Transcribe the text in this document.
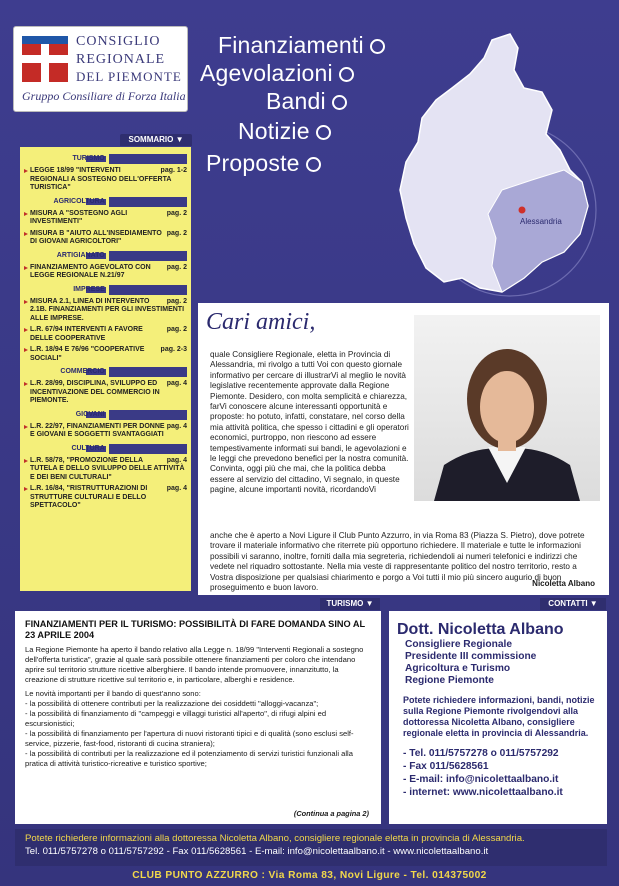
CONSIGLIO
REGIONALE
DEL PIEMONTE
Gruppo Consiliare di Forza Italia
Finanziamenti
Agevolazioni
Bandi
Notizie
Proposte
Alessandria
SOMMARIO ▼
TURISMO
pag. 1-2
LEGGE 18/99 "INTERVENTI REGIONALI A SOSTEGNO DELL'OFFERTA TURISTICA"
AGRICOLTURA
pag. 2
MISURA A "SOSTEGNO AGLI INVESTIMENTI"
pag. 2
MISURA B "AIUTO ALL'INSEDIAMENTO DI GIOVANI AGRICOLTORI"
ARTIGIANATO
pag. 2
FINANZIAMENTO AGEVOLATO CON LEGGE REGIONALE N.21/97
IMPRESE
pag. 2
MISURA 2.1, LINEA DI INTERVENTO 2.1B. FINANZIAMENTI PER GLI INVESTIMENTI ALLE IMPRESE.
pag. 2
L.R. 67/94 INTERVENTI A FAVORE DELLE COOPERATIVE
pag. 2-3
L.R. 18/94 E 76/96 "COOPERATIVE SOCIALI"
COMMERCIO
pag. 4
L.R. 28/99, DISCIPLINA, SVILUPPO ED INCENTIVAZIONE DEL COMMERCIO IN PIEMONTE.
GIOVANI
pag. 4
L.R. 22/97, FINANZIAMENTI PER DONNE E GIOVANI E SOGGETTI SVANTAGGIATI
CULTURA
pag. 4
L.R. 58/78, "PROMOZIONE DELLA TUTELA E DELLO SVILUPPO DELLE ATTIVITÀ E DEI BENI CULTURALI"
pag. 4
L.R. 16/84, "RISTRUTTURAZIONI DI STRUTTURE CULTURALI E DELLO SPETTACOLO"
Cari amici,
quale Consigliere Regionale, eletta in Provincia di Alessandria, mi rivolgo a tutti Voi con questo giornale informativo per cercare di illustrarVi al meglio le novità legislative recentemente approvate dalla Regione Piemonte. Desidero, con molta semplicità e chiarezza, farVi conoscere alcune interessanti opportunità e proposte: ho potuto, infatti, constatare, nel corso della mia attività politica, che spesso i cittadini e gli operatori economici, purtroppo, non riescono ad essere tempestivamente informati sui bandi, le agevolazioni e le leggi che prevedono benefici per la nostra comunità. Convinta, oggi più che mai, che la politica debba essere al servizio del cittadino, Vi segnalo, in queste pagine, alcune importanti novità, ricordandoVi
anche che è aperto a Novi Ligure il Club Punto Azzurro, in via Roma 83 (Piazza S. Pietro), dove potrete trovare il materiale informativo che riterrete più opportuno richiedere. Il materiale e tutte le informazioni possibili vi saranno, inoltre, forniti dalla mia segreteria, richiedendoli ai numeri telefonici e indirizzi che vedete nel riquadro sottostante. Nella mia veste di rappresentante politico del nostro territorio, resto a Vostra disposizione per qualsiasi chiarimento e porgo a Voi tutti il mio più sincero augurio di buon proseguimento e buon lavoro.	Nicoletta Albano
TURISMO ▼
FINANZIAMENTI PER IL TURISMO: POSSIBILITÀ DI FARE DOMANDA SINO AL 23 APRILE 2004

La Regione Piemonte ha aperto il bando relativo alla Legge n. 18/99 "Interventi Regionali a sostegno dell'offerta turistica", grazie al quale sarà possibile ottenere finanziamenti per coloro che intendano aprire sul territorio strutture ricettive alberghiere. Il bando intende promuovere, innanzitutto, la creazione di strutture ricettive sul territorio e, in particolare, alberghi e residence.

Le novità importanti per il bando di quest'anno sono:

- la possibilità di ottenere contributi per la realizzazione dei cosiddetti "alloggi-vacanza";
- la possibilità di finanziamento di "campeggi e villaggi turistici all'aperto", di rifugi alpini ed escursionistici;
- la possibilità di finanziamento per l'apertura di nuovi ristoranti tipici e di qualità (sono esclusi self-service, pizzerie, fast-food, ristoranti di cucina straniera);
- la possibilità di contributi per la realizzazione ed il potenziamento di servizi turistici funzionali alla pratica di attività turistico-ricreative e turistico sportive;
(Continua a pagina 2)
CONTATTI ▼
Dott. Nicoletta Albano
Consigliere Regionale
Presidente III commissione
Agricoltura e Turismo
Regione Piemonte
Potete richiedere informazioni, bandi, notizie sulla Regione Piemonte rivolgendovi alla dottoressa Nicoletta Albano, consigliere regionale eletta in provincia di Alessandria.
- Tel. 011/5757278 o 011/5757292
- Fax 011/5628561
- E-mail: info@nicolettaalbano.it
- internet: www.nicolettaalbano.it
Potete richiedere informazioni alla dottoressa Nicoletta Albano, consigliere regionale eletta in provincia di Alessandria.
Tel. 011/5757278 o 011/5757292 - Fax 011/5628561 - E-mail: info@nicolettaalbano.it - www.nicolettaalbano.it
CLUB PUNTO AZZURRO : Via Roma 83, Novi Ligure - Tel. 014375002
